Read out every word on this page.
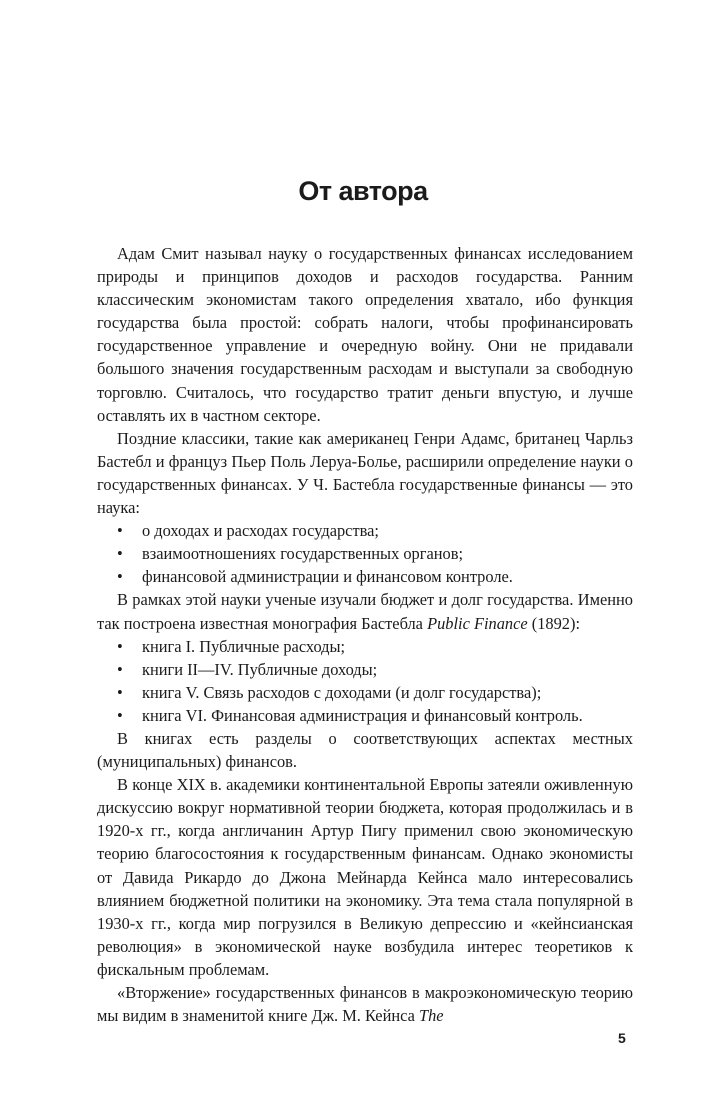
От автора

Адам Смит называл науку о государственных финансах исследованием природы и принципов доходов и расходов государства. Ранним классическим экономистам такого определения хватало, ибо функция государства была простой: собрать налоги, чтобы профинансировать государственное управление и очередную войну. Они не придавали большого значения государственным расходам и выступали за свободную торговлю. Считалось, что государство тратит деньги впустую, и лучше оставлять их в частном секторе.

Поздние классики, такие как американец Генри Адамс, британец Чарльз Бастебл и француз Пьер Поль Леруа-Болье, расширили определение науки о государственных финансах. У Ч. Бастебла государственные финансы — это наука:

• о доходах и расходах государства;
• взаимоотношениях государственных органов;
• финансовой администрации и финансовом контроле.

В рамках этой науки ученые изучали бюджет и долг государства. Именно так построена известная монография Бастебла Public Finance (1892):

• книга I. Публичные расходы;
• книги II—IV. Публичные доходы;
• книга V. Связь расходов с доходами (и долг государства);
• книга VI. Финансовая администрация и финансовый контроль.

В книгах есть разделы о соответствующих аспектах местных (муниципальных) финансов.

В конце XIX в. академики континентальной Европы затеяли оживленную дискуссию вокруг нормативной теории бюджета, которая продолжилась и в 1920-х гг., когда англичанин Артур Пигу применил свою экономическую теорию благосостояния к государственным финансам. Однако экономисты от Давида Рикардо до Джона Мейнарда Кейнса мало интересовались влиянием бюджетной политики на экономику. Эта тема стала популярной в 1930-х гг., когда мир погрузился в Великую депрессию и «кейнсианская революция» в экономической науке возбудила интерес теоретиков к фискальным проблемам.

«Вторжение» государственных финансов в макроэкономическую теорию мы видим в знаменитой книге Дж. М. Кейнса The

5
